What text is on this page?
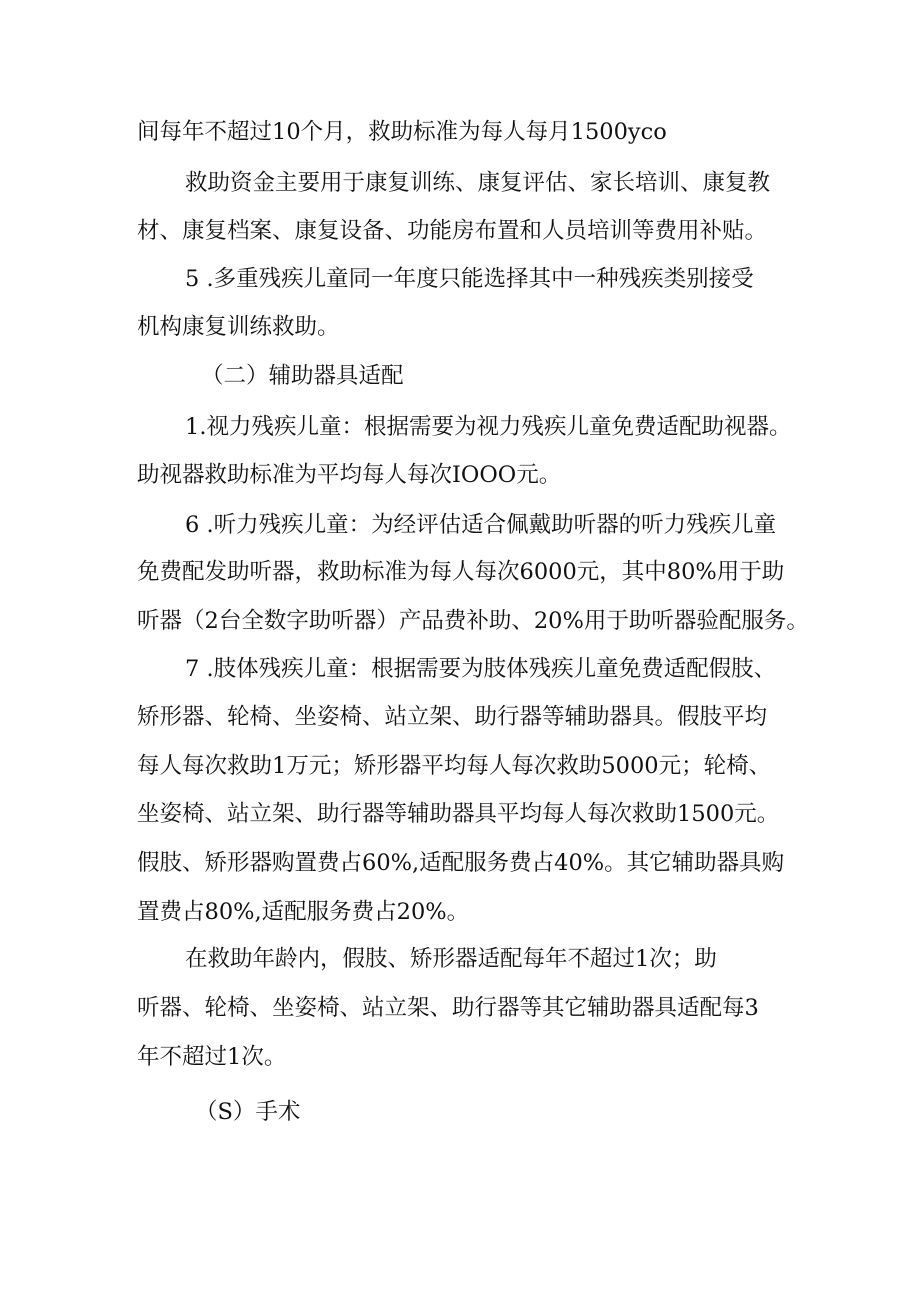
间每年不超过10个月，救助标准为每人每月1500yco
救助资金主要用于康复训练、康复评估、家长培训、康复教
材、康复档案、康复设备、功能房布置和人员培训等费用补贴。
5 .多重残疾儿童同一年度只能选择其中一种残疾类别接受
机构康复训练救助。
（二）辅助器具适配
1.视力残疾儿童：根据需要为视力残疾儿童免费适配助视器。
助视器救助标准为平均每人每次IOOO元。
6 .听力残疾儿童：为经评估适合佩戴助听器的听力残疾儿童
免费配发助听器，救助标准为每人每次6000元，其中80%用于助
听器（2台全数字助听器）产品费补助、20%用于助听器验配服务。
7 .肢体残疾儿童：根据需要为肢体残疾儿童免费适配假肢、
矫形器、轮椅、坐姿椅、站立架、助行器等辅助器具。假肢平均
每人每次救助1万元；矫形器平均每人每次救助5000元；轮椅、
坐姿椅、站立架、助行器等辅助器具平均每人每次救助1500元。
假肢、矫形器购置费占60%,适配服务费占40%。其它辅助器具购
置费占80%,适配服务费占20%。
在救助年龄内，假肢、矫形器适配每年不超过1次；助
听器、轮椅、坐姿椅、站立架、助行器等其它辅助器具适配每3
年不超过1次。
（S）手术
